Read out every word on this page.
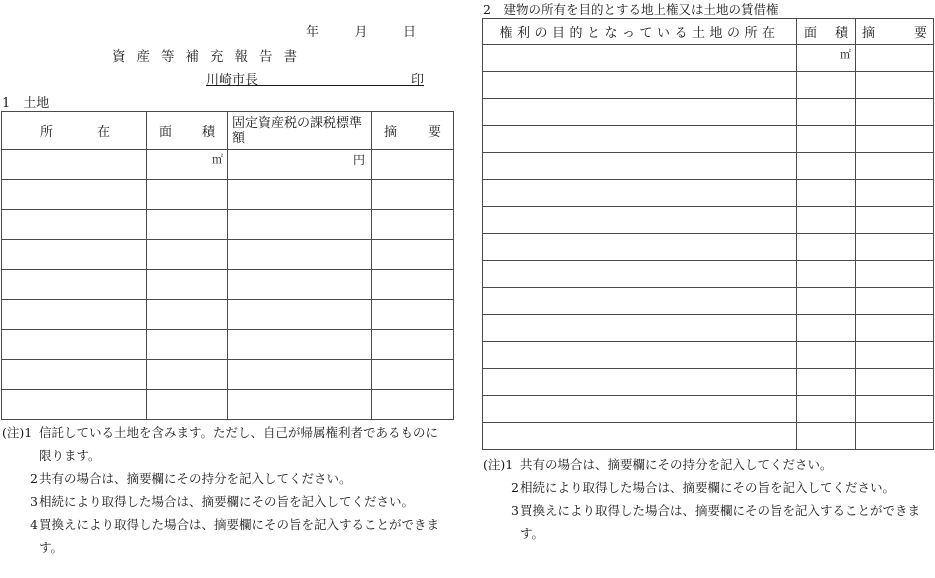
年	月	日
資産等補充報告書
川崎市長	印
1　土地
2　建物の所有を目的とする地上権又は土地の賃借権
所 在	面 積	固定資産税の課税標準額	摘 要

	㎡	円	

権利の目的となっている土地の所在	面 積	摘 要

	㎡	

(注)1 信託している土地を含みます。ただし、自己が帰属権利者であるものに限ります。
2 共有の場合は、摘要欄にその持分を記入してください。
3 相続により取得した場合は、摘要欄にその旨を記入してください。
4 買換えにより取得した場合は、摘要欄にその旨を記入することができます。
(注)1 共有の場合は、摘要欄にその持分を記入してください。
2 相続により取得した場合は、摘要欄にその旨を記入してください。
3 買換えにより取得した場合は、摘要欄にその旨を記入することができます。
